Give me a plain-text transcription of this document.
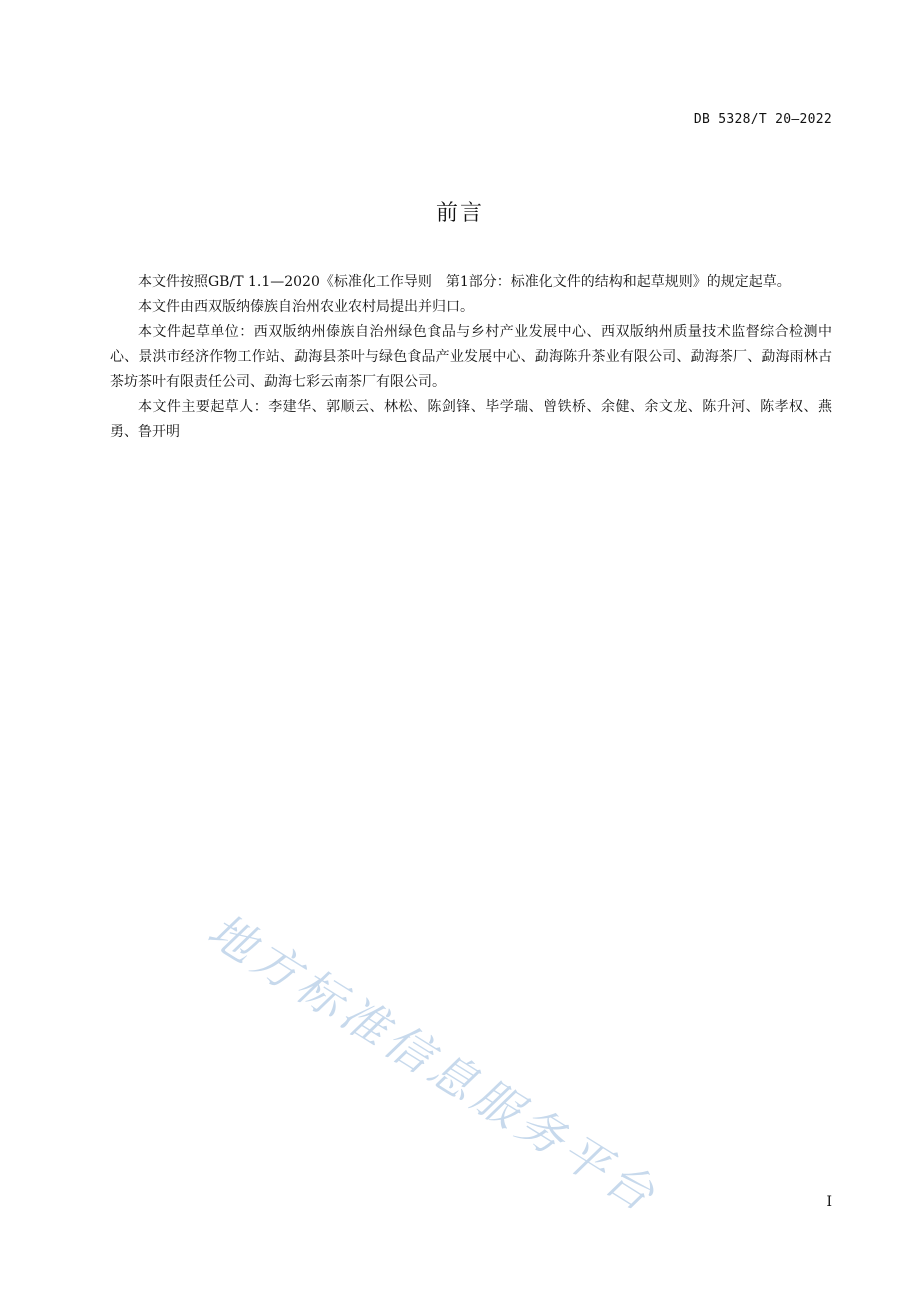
DB 5328/T 20—2022
前言

本文件按照GB/T 1.1—2020《标准化工作导则　第1部分：标准化文件的结构和起草规则》的规定起草。

本文件由西双版纳傣族自治州农业农村局提出并归口。

本文件起草单位：西双版纳州傣族自治州绿色食品与乡村产业发展中心、西双版纳州质量技术监督综合检测中心、景洪市经济作物工作站、勐海县茶叶与绿色食品产业发展中心、勐海陈升茶业有限公司、勐海茶厂、勐海雨林古茶坊茶叶有限责任公司、勐海七彩云南茶厂有限公司。

本文件主要起草人：李建华、郭顺云、林松、陈剑锋、毕学瑞、曾铁桥、余健、余文龙、陈升河、陈孝权、燕勇、鲁开明

地方标准信息服务平台	I
